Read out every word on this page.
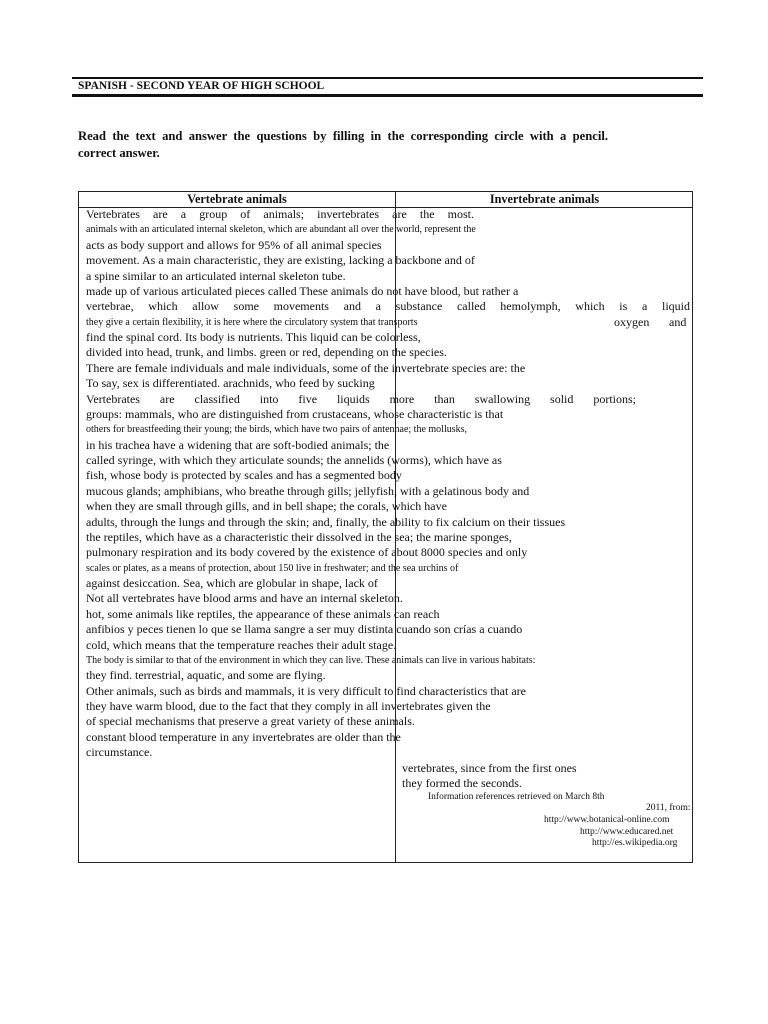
SPANISH - SECOND YEAR OF HIGH SCHOOL

Read the text and answer the questions by filling in the corresponding circle with a pencil.

correct answer.

Vertebrate animals	Invertebrate animals
Vertebrates are a group of animals; invertebrates are the most.
animals with an articulated internal skeleton, which are abundant all over the world, represent the
acts as body support and allows for 95% of all animal species
movement. As a main characteristic, they are existing, lacking a backbone and of
a spine similar to an articulated internal skeleton tube.
made up of various articulated pieces called These animals do not have blood, but rather a
vertebrae, which allow some movements and a substance called hemolymph, which is a liquid
they give a certain flexibility, it is here where the circulatory system that transports	oxygen and
find the spinal cord. Its body is nutrients. This liquid can be colorless,
divided into head, trunk, and limbs. green or red, depending on the species.
There are female individuals and male individuals, some of the invertebrate species are: the
To say, sex is differentiated. arachnids, who feed by sucking
Vertebrates are classified into five liquids more than swallowing solid portions;
groups: mammals, who are distinguished from crustaceans, whose characteristic is that
others for breastfeeding their young; the birds, which have two pairs of antennae; the mollusks,
in his trachea have a widening that are soft-bodied animals; the
called syringe, with which they articulate sounds; the annelids (worms), which have as
fish, whose body is protected by scales and has a segmented body
mucous glands; amphibians, who breathe through gills; jellyfish, with a gelatinous body and
when they are small through gills, and in bell shape; the corals, which have
adults, through the lungs and through the skin; and, finally, the ability to fix calcium on their tissues
the reptiles, which have as a characteristic their dissolved in the sea; the marine sponges,
pulmonary respiration and its body covered by the existence of about 8000 species and only
scales or plates, as a means of protection, about 150 live in freshwater; and the sea urchins of
against desiccation. Sea, which are globular in shape, lack of
Not all vertebrates have blood arms and have an internal skeleton.
hot, some animals like reptiles, the appearance of these animals can reach
anfibios y peces tienen lo que se llama sangre a ser muy distinta cuando son crías a cuando
cold, which means that the temperature reaches their adult stage.
The body is similar to that of the environment in which they can live. These animals can live in various habitats:
they find. terrestrial, aquatic, and some are flying.
Other animals, such as birds and mammals, it is very difficult to find characteristics that are
they have warm blood, due to the fact that they comply in all invertebrates given the
of special mechanisms that preserve a great variety of these animals.
constant blood temperature in any invertebrates are older than the
circumstance.
vertebrates, since from the first ones
they formed the seconds.
Information references retrieved on March 8th
2011, from:
http://www.botanical-online.com
http://www.educared.net
http://es.wikipedia.org
